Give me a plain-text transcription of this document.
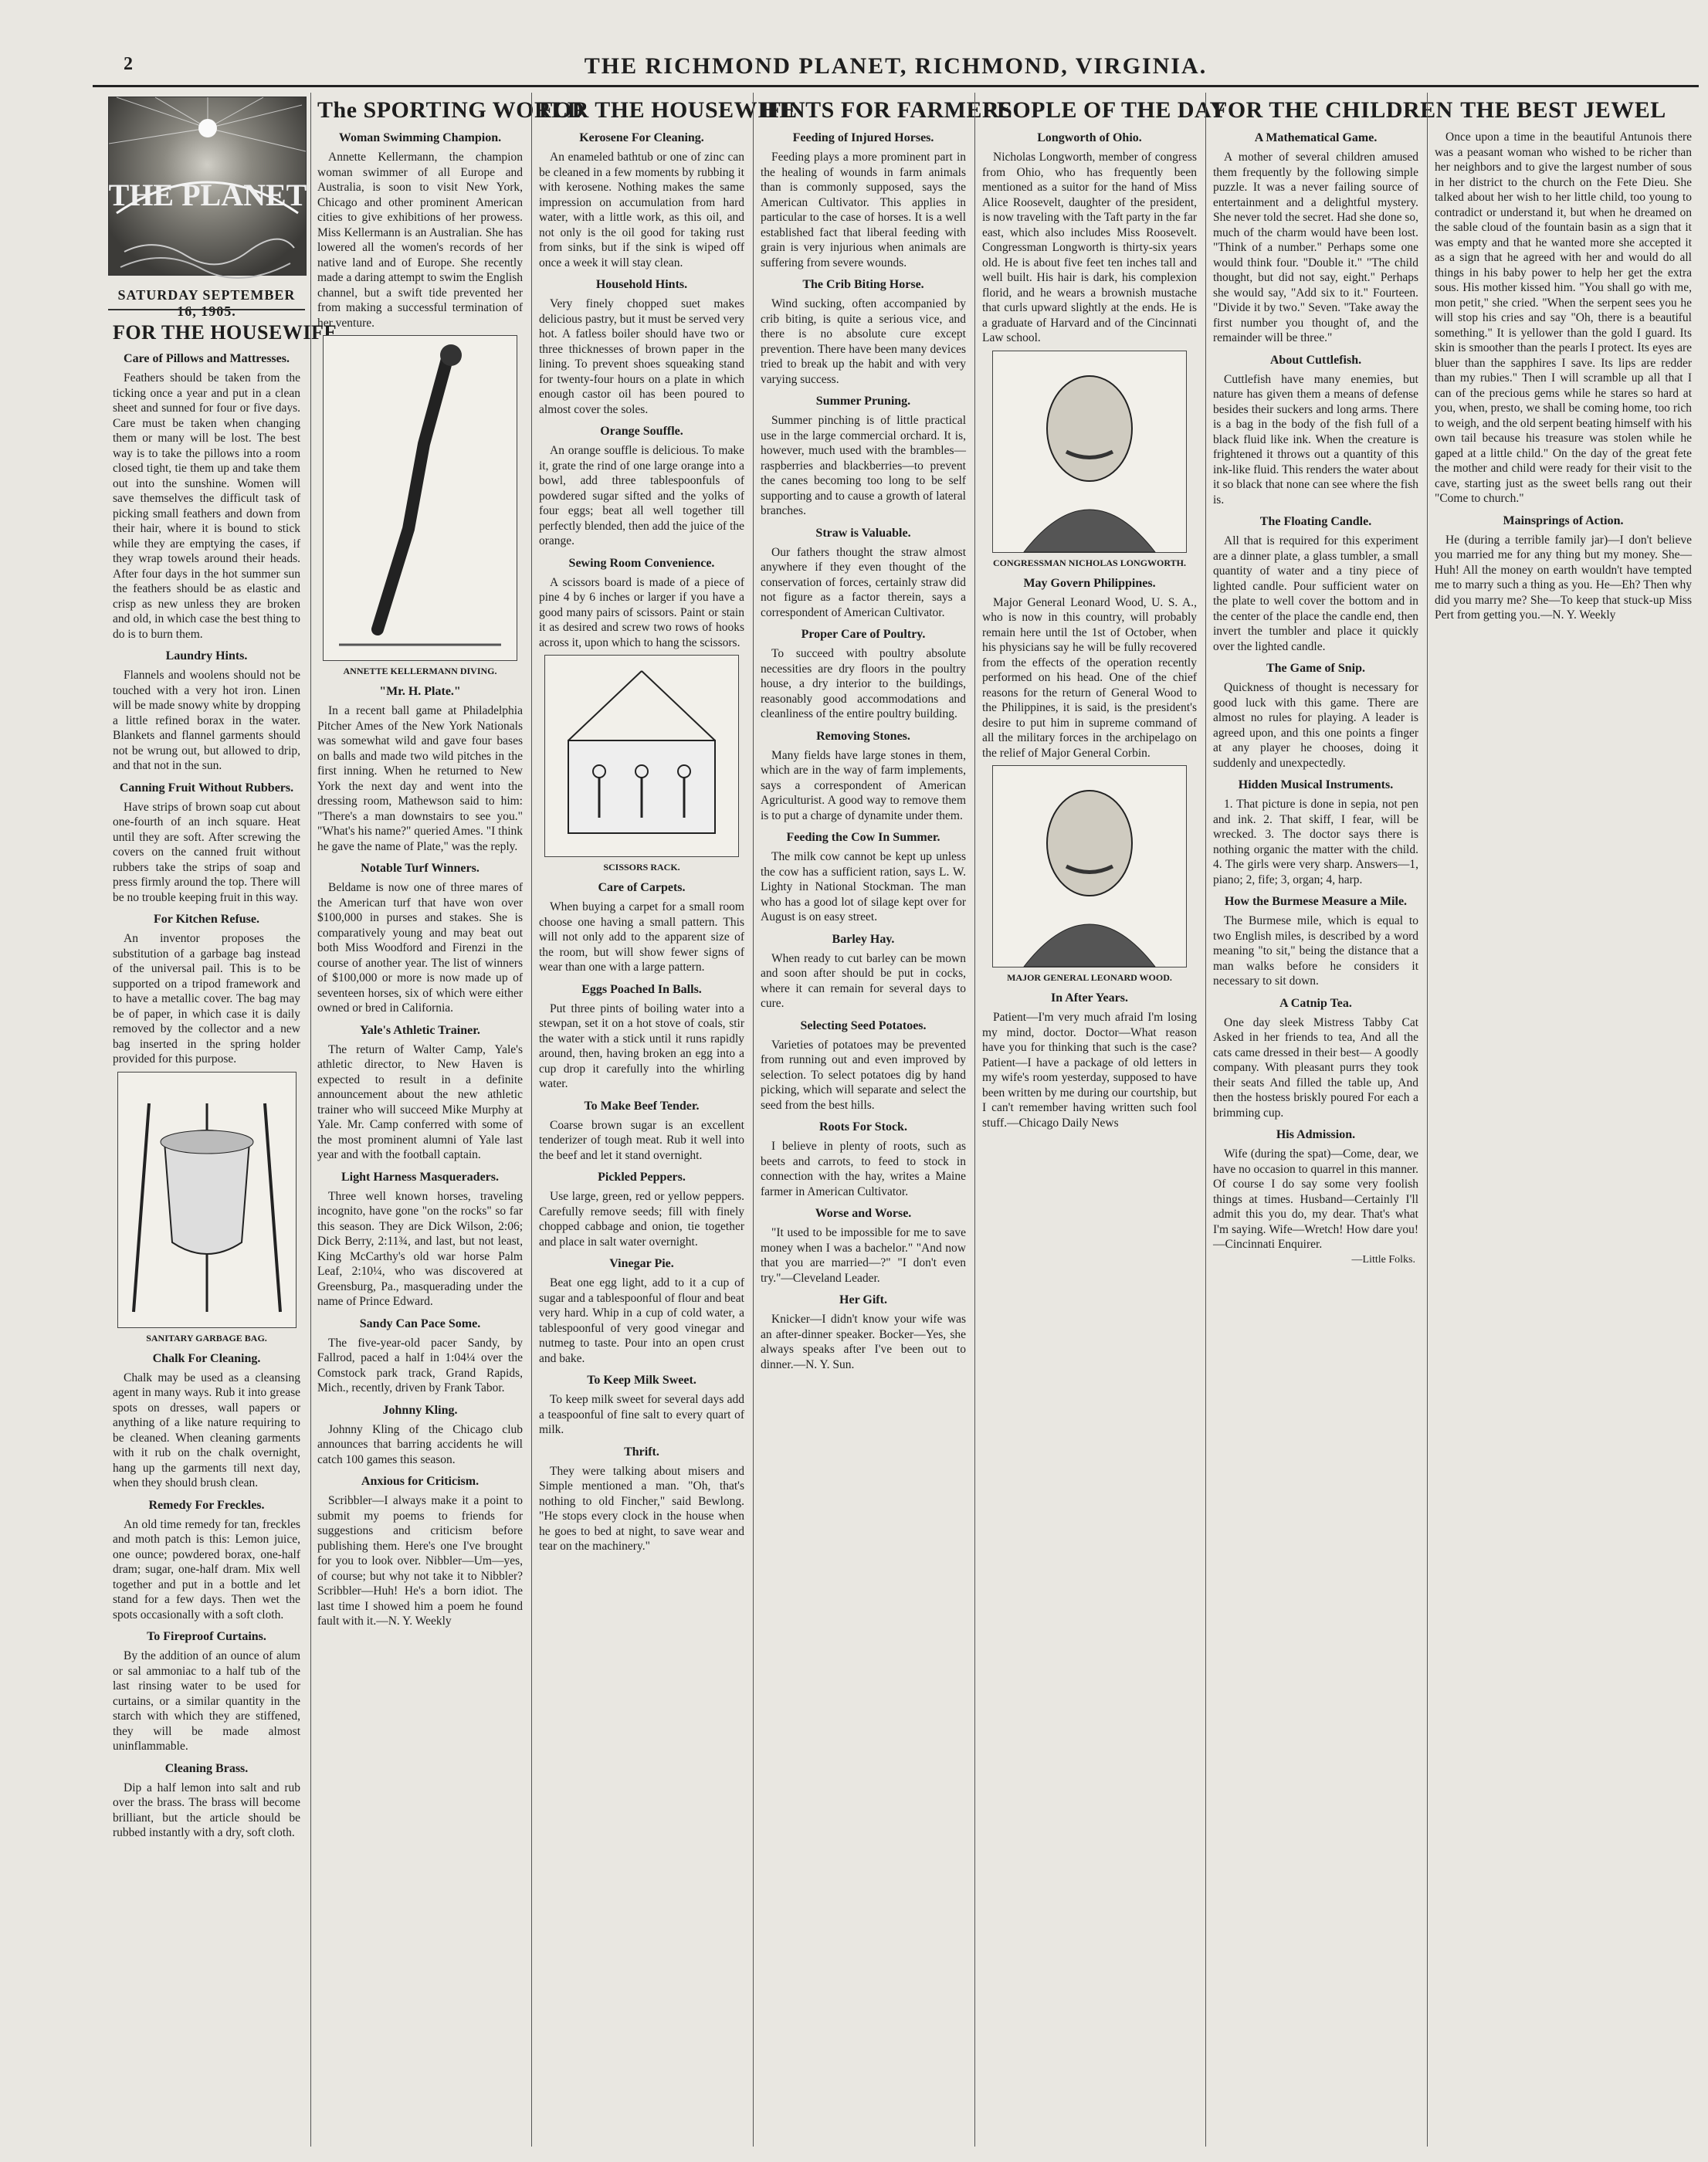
2	THE RICHMOND PLANET, RICHMOND, VIRGINIA.
THE PLANET
SATURDAY SEPTEMBER 16, 1905.
FOR THE HOUSEWIFE
Care of Pillows and Mattresses.

Feathers should be taken from the ticking once a year and put in a clean sheet and sunned for four or five days. Care must be taken when changing them or many will be lost. The best way is to take the pillows into a room closed tight, tie them up and take them out into the sunshine. Women will save themselves the difficult task of picking small feathers and down from their hair, where it is bound to stick while they are emptying the cases, if they wrap towels around their heads. After four days in the hot summer sun the feathers should be as elastic and crisp as new unless they are broken and old, in which case the best thing to do is to burn them.

Laundry Hints.

Flannels and woolens should not be touched with a very hot iron. Linen will be made snowy white by dropping a little refined borax in the water. Blankets and flannel garments should not be wrung out, but allowed to drip, and that not in the sun.

Canning Fruit Without Rubbers.

Have strips of brown soap cut about one-fourth of an inch square. Heat until they are soft. After screwing the covers on the canned fruit without rubbers take the strips of soap and press firmly around the top. There will be no trouble keeping fruit in this way.

For Kitchen Refuse.

An inventor proposes the substitution of a garbage bag instead of the universal pail. This is to be supported on a tripod framework and to have a metallic cover. The bag may be of paper, in which case it is daily removed by the collector and a new bag inserted in the spring holder provided for this purpose.

SANITARY GARBAGE BAG.
Chalk For Cleaning.

Chalk may be used as a cleansing agent in many ways. Rub it into grease spots on dresses, wall papers or anything of a like nature requiring to be cleaned. When cleaning garments with it rub on the chalk overnight, hang up the garments till next day, when they should brush clean.

Remedy For Freckles.

An old time remedy for tan, freckles and moth patch is this: Lemon juice, one ounce; powdered borax, one-half dram; sugar, one-half dram. Mix well together and put in a bottle and let stand for a few days. Then wet the spots occasionally with a soft cloth.

To Fireproof Curtains.

By the addition of an ounce of alum or sal ammoniac to a half tub of the last rinsing water to be used for curtains, or a similar quantity in the starch with which they are stiffened, they will be made almost uninflammable.

Cleaning Brass.

Dip a half lemon into salt and rub over the brass. The brass will become brilliant, but the article should be rubbed instantly with a dry, soft cloth.

The SPORTING WORLD
Woman Swimming Champion.

Annette Kellermann, the champion woman swimmer of all Europe and Australia, is soon to visit New York, Chicago and other prominent American cities to give exhibitions of her prowess. Miss Kellermann is an Australian. She has lowered all the women's records of her native land and of Europe. She recently made a daring attempt to swim the English channel, but a swift tide prevented her from making a successful termination of her venture.

ANNETTE KELLERMANN DIVING.
"Mr. H. Plate."

In a recent ball game at Philadelphia Pitcher Ames of the New York Nationals was somewhat wild and gave four bases on balls and made two wild pitches in the first inning. When he returned to New York the next day and went into the dressing room, Mathewson said to him: "There's a man downstairs to see you." "What's his name?" queried Ames. "I think he gave the name of Plate," was the reply.

Notable Turf Winners.

Beldame is now one of three mares of the American turf that have won over $100,000 in purses and stakes. She is comparatively young and may beat out both Miss Woodford and Firenzi in the course of another year. The list of winners of $100,000 or more is now made up of seventeen horses, six of which were either owned or bred in California.

Yale's Athletic Trainer.

The return of Walter Camp, Yale's athletic director, to New Haven is expected to result in a definite announcement about the new athletic trainer who will succeed Mike Murphy at Yale. Mr. Camp conferred with some of the most prominent alumni of Yale last year and with the football captain.

Light Harness Masqueraders.

Three well known horses, traveling incognito, have gone "on the rocks" so far this season. They are Dick Wilson, 2:06; Dick Berry, 2:11¾, and last, but not least, King McCarthy's old war horse Palm Leaf, 2:10¼, who was discovered at Greensburg, Pa., masquerading under the name of Prince Edward.

Sandy Can Pace Some.

The five-year-old pacer Sandy, by Fallrod, paced a half in 1:04¼ over the Comstock park track, Grand Rapids, Mich., recently, driven by Frank Tabor.

Johnny Kling.

Johnny Kling of the Chicago club announces that barring accidents he will catch 100 games this season.

Anxious for Criticism.

Scribbler—I always make it a point to submit my poems to friends for suggestions and criticism before publishing them. Here's one I've brought for you to look over. Nibbler—Um—yes, of course; but why not take it to Nibbler? Scribbler—Huh! He's a born idiot. The last time I showed him a poem he found fault with it.—N. Y. Weekly

FOR THE HOUSEWIFE
Kerosene For Cleaning.

An enameled bathtub or one of zinc can be cleaned in a few moments by rubbing it with kerosene. Nothing makes the same impression on accumulation from hard water, with a little work, as this oil, and not only is the oil good for taking rust from sinks, but if the sink is wiped off once a week it will stay clean.

Household Hints.

Very finely chopped suet makes delicious pastry, but it must be served very hot. A fatless boiler should have two or three thicknesses of brown paper in the lining. To prevent shoes squeaking stand for twenty-four hours on a plate in which enough castor oil has been poured to almost cover the soles.

Orange Souffle.

An orange souffle is delicious. To make it, grate the rind of one large orange into a bowl, add three tablespoonfuls of powdered sugar sifted and the yolks of four eggs; beat all well together till perfectly blended, then add the juice of the orange.

Sewing Room Convenience.

A scissors board is made of a piece of pine 4 by 6 inches or larger if you have a good many pairs of scissors. Paint or stain it as desired and screw two rows of hooks across it, upon which to hang the scissors.

SCISSORS RACK.
Care of Carpets.

When buying a carpet for a small room choose one having a small pattern. This will not only add to the apparent size of the room, but will show fewer signs of wear than one with a large pattern.

Eggs Poached In Balls.

Put three pints of boiling water into a stewpan, set it on a hot stove of coals, stir the water with a stick until it runs rapidly around, then, having broken an egg into a cup drop it carefully into the whirling water.

To Make Beef Tender.

Coarse brown sugar is an excellent tenderizer of tough meat. Rub it well into the beef and let it stand overnight.

Pickled Peppers.

Use large, green, red or yellow peppers. Carefully remove seeds; fill with finely chopped cabbage and onion, tie together and place in salt water overnight.

Vinegar Pie.

Beat one egg light, add to it a cup of sugar and a tablespoonful of flour and beat very hard. Whip in a cup of cold water, a tablespoonful of very good vinegar and nutmeg to taste. Pour into an open crust and bake.

To Keep Milk Sweet.

To keep milk sweet for several days add a teaspoonful of fine salt to every quart of milk.

Thrift.

They were talking about misers and Simple mentioned a man. "Oh, that's nothing to old Fincher," said Bewlong. "He stops every clock in the house when he goes to bed at night, to save wear and tear on the machinery."

HINTS FOR FARMERS
Feeding of Injured Horses.

Feeding plays a more prominent part in the healing of wounds in farm animals than is commonly supposed, says the American Cultivator. This applies in particular to the case of horses. It is a well established fact that liberal feeding with grain is very injurious when animals are suffering from severe wounds.

The Crib Biting Horse.

Wind sucking, often accompanied by crib biting, is quite a serious vice, and there is no absolute cure except prevention. There have been many devices tried to break up the habit and with very varying success.

Summer Pruning.

Summer pinching is of little practical use in the large commercial orchard. It is, however, much used with the brambles—raspberries and blackberries—to prevent the canes becoming too long to be self supporting and to cause a growth of lateral branches.

Straw is Valuable.

Our fathers thought the straw almost anywhere if they even thought of the conservation of forces, certainly straw did not figure as a factor therein, says a correspondent of American Cultivator.

Proper Care of Poultry.

To succeed with poultry absolute necessities are dry floors in the poultry house, a dry interior to the buildings, reasonably good accommodations and cleanliness of the entire poultry building.

Removing Stones.

Many fields have large stones in them, which are in the way of farm implements, says a correspondent of American Agriculturist. A good way to remove them is to put a charge of dynamite under them.

Feeding the Cow In Summer.

The milk cow cannot be kept up unless the cow has a sufficient ration, says L. W. Lighty in National Stockman. The man who has a good lot of silage kept over for August is on easy street.

Barley Hay.

When ready to cut barley can be mown and soon after should be put in cocks, where it can remain for several days to cure.

Selecting Seed Potatoes.

Varieties of potatoes may be prevented from running out and even improved by selection. To select potatoes dig by hand picking, which will separate and select the seed from the best hills.

Roots For Stock.

I believe in plenty of roots, such as beets and carrots, to feed to stock in connection with the hay, writes a Maine farmer in American Cultivator.

Worse and Worse.

"It used to be impossible for me to save money when I was a bachelor." "And now that you are married—?" "I don't even try."—Cleveland Leader.

Her Gift.

Knicker—I didn't know your wife was an after-dinner speaker. Bocker—Yes, she always speaks after I've been out to dinner.—N. Y. Sun.

PEOPLE OF THE DAY
Longworth of Ohio.

Nicholas Longworth, member of congress from Ohio, who has frequently been mentioned as a suitor for the hand of Miss Alice Roosevelt, daughter of the president, is now traveling with the Taft party in the far east, which also includes Miss Roosevelt. Congressman Longworth is thirty-six years old. He is about five feet ten inches tall and well built. His hair is dark, his complexion florid, and he wears a brownish mustache that curls upward slightly at the ends. He is a graduate of Harvard and of the Cincinnati Law school.

CONGRESSMAN NICHOLAS LONGWORTH.
May Govern Philippines.

Major General Leonard Wood, U. S. A., who is now in this country, will probably remain here until the 1st of October, when his physicians say he will be fully recovered from the effects of the operation recently performed on his head. One of the chief reasons for the return of General Wood to the Philippines, it is said, is the president's desire to put him in supreme command of all the military forces in the archipelago on the relief of Major General Corbin.

MAJOR GENERAL LEONARD WOOD.
In After Years.

Patient—I'm very much afraid I'm losing my mind, doctor. Doctor—What reason have you for thinking that such is the case? Patient—I have a package of old letters in my wife's room yesterday, supposed to have been written by me during our courtship, but I can't remember having written such fool stuff.—Chicago Daily News

FOR THE CHILDREN
A Mathematical Game.

A mother of several children amused them frequently by the following simple puzzle. It was a never failing source of entertainment and a delightful mystery. She never told the secret. Had she done so, much of the charm would have been lost. "Think of a number." Perhaps some one would think four. "Double it." "The child thought, but did not say, eight." Perhaps she would say, "Add six to it." Fourteen. "Divide it by two." Seven. "Take away the first number you thought of, and the remainder will be three."

About Cuttlefish.

Cuttlefish have many enemies, but nature has given them a means of defense besides their suckers and long arms. There is a bag in the body of the fish full of a black fluid like ink. When the creature is frightened it throws out a quantity of this ink-like fluid. This renders the water about it so black that none can see where the fish is.

The Floating Candle.

All that is required for this experiment are a dinner plate, a glass tumbler, a small quantity of water and a tiny piece of lighted candle. Pour sufficient water on the plate to well cover the bottom and in the center of the place the candle end, then invert the tumbler and place it quickly over the lighted candle.

The Game of Snip.

Quickness of thought is necessary for good luck with this game. There are almost no rules for playing. A leader is agreed upon, and this one points a finger at any player he chooses, doing it suddenly and unexpectedly.

Hidden Musical Instruments.

1. That picture is done in sepia, not pen and ink. 2. That skiff, I fear, will be wrecked. 3. The doctor says there is nothing organic the matter with the child. 4. The girls were very sharp. Answers—1, piano; 2, fife; 3, organ; 4, harp.

How the Burmese Measure a Mile.

The Burmese mile, which is equal to two English miles, is described by a word meaning "to sit," being the distance that a man walks before he considers it necessary to sit down.

A Catnip Tea.

One day sleek Mistress Tabby Cat Asked in her friends to tea, And all the cats came dressed in their best— A goodly company. With pleasant purrs they took their seats And filled the table up, And then the hostess briskly poured For each a brimming cup.

His Admission.

Wife (during the spat)—Come, dear, we have no occasion to quarrel in this manner. Of course I do say some very foolish things at times. Husband—Certainly I'll admit this you do, my dear. That's what I'm saying. Wife—Wretch! How dare you!—Cincinnati Enquirer.

—Little Folks.
THE BEST JEWEL

Once upon a time in the beautiful Antunois there was a peasant woman who wished to be richer than her neighbors and to give the largest number of sous in her district to the church on the Fete Dieu. She talked about her wish to her little child, too young to contradict or understand it, but when he dreamed on the sable cloud of the fountain basin as a sign that it was empty and that he wanted more she accepted it as a sign that he agreed with her and would do all things in his baby power to help her get the extra sous. His mother kissed him. "You shall go with me, mon petit," she cried. "When the serpent sees you he will stop his cries and say "Oh, there is a beautiful something." It is yellower than the gold I guard. Its skin is smoother than the pearls I protect. Its eyes are bluer than the sapphires I save. Its lips are redder than my rubies." Then I will scramble up all that I can of the precious gems while he stares so hard at you, when, presto, we shall be coming home, too rich to weigh, and the old serpent beating himself with his own tail because his treasure was stolen while he gaped at a little child." On the day of the great fete the mother and child were ready for their visit to the cave, starting just as the sweet bells rang out their "Come to church."

Mainsprings of Action.

He (during a terrible family jar)—I don't believe you married me for any thing but my money. She—Huh! All the money on earth wouldn't have tempted me to marry such a thing as you. He—Eh? Then why did you marry me? She—To keep that stuck-up Miss Pert from getting you.—N. Y. Weekly
